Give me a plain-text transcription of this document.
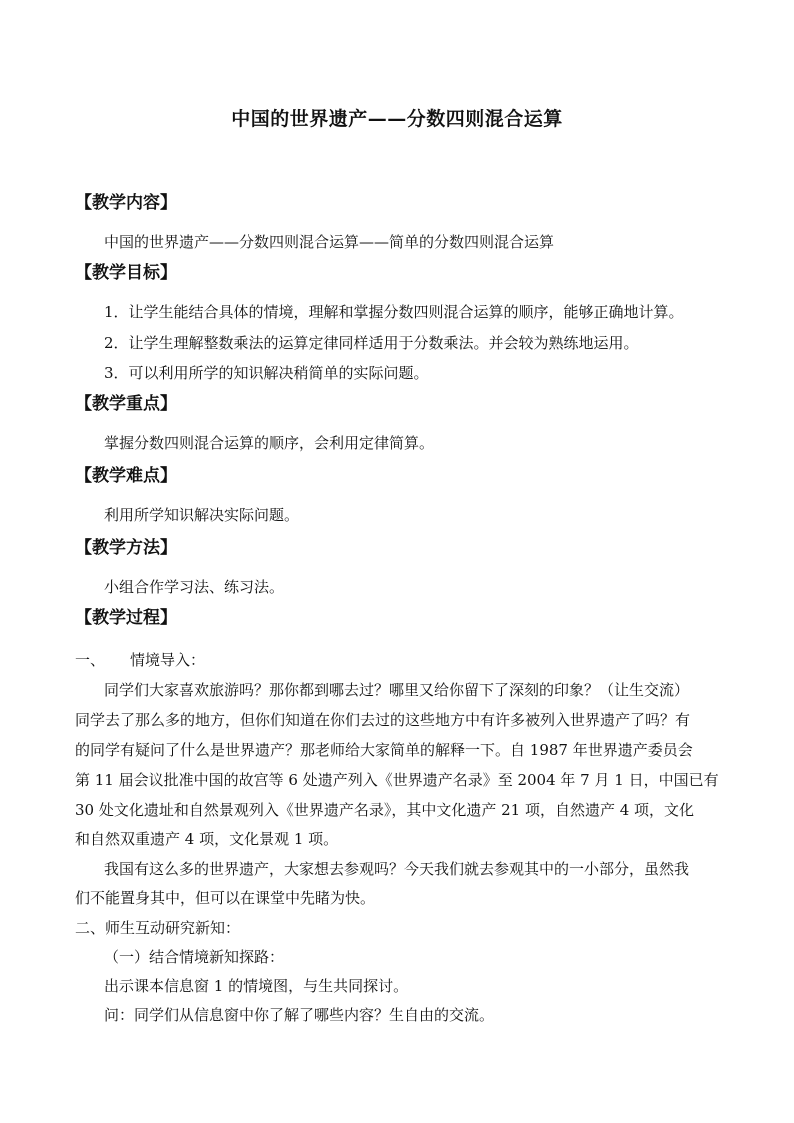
中国的世界遗产——分数四则混合运算
【教学内容】
中国的世界遗产——分数四则混合运算——简单的分数四则混合运算
【教学目标】
1．让学生能结合具体的情境，理解和掌握分数四则混合运算的顺序，能够正确地计算。
2．让学生理解整数乘法的运算定律同样适用于分数乘法。并会较为熟练地运用。
3．可以利用所学的知识解决稍简单的实际问题。
【教学重点】
掌握分数四则混合运算的顺序，会利用定律简算。
【教学难点】
利用所学知识解决实际问题。
【教学方法】
小组合作学习法、练习法。
【教学过程】
一、 情境导入：
同学们大家喜欢旅游吗？那你都到哪去过？哪里又给你留下了深刻的印象？（让生交流）
同学去了那么多的地方，但你们知道在你们去过的这些地方中有许多被列入世界遗产了吗？有
的同学有疑问了什么是世界遗产？那老师给大家简单的解释一下。自 1987 年世界遗产委员会
第 11 届会议批准中国的故宫等 6 处遗产列入《世界遗产名录》至 2004 年 7 月 1 日，中国已有
30 处文化遗址和自然景观列入《世界遗产名录》，其中文化遗产 21 项，自然遗产 4 项，文化
和自然双重遗产 4 项，文化景观 1 项。
我国有这么多的世界遗产，大家想去参观吗？今天我们就去参观其中的一小部分，虽然我
们不能置身其中，但可以在课堂中先睹为快。
二、师生互动研究新知：
（一）结合情境新知探路：
出示课本信息窗 1 的情境图，与生共同探讨。
问：同学们从信息窗中你了解了哪些内容？生自由的交流。
